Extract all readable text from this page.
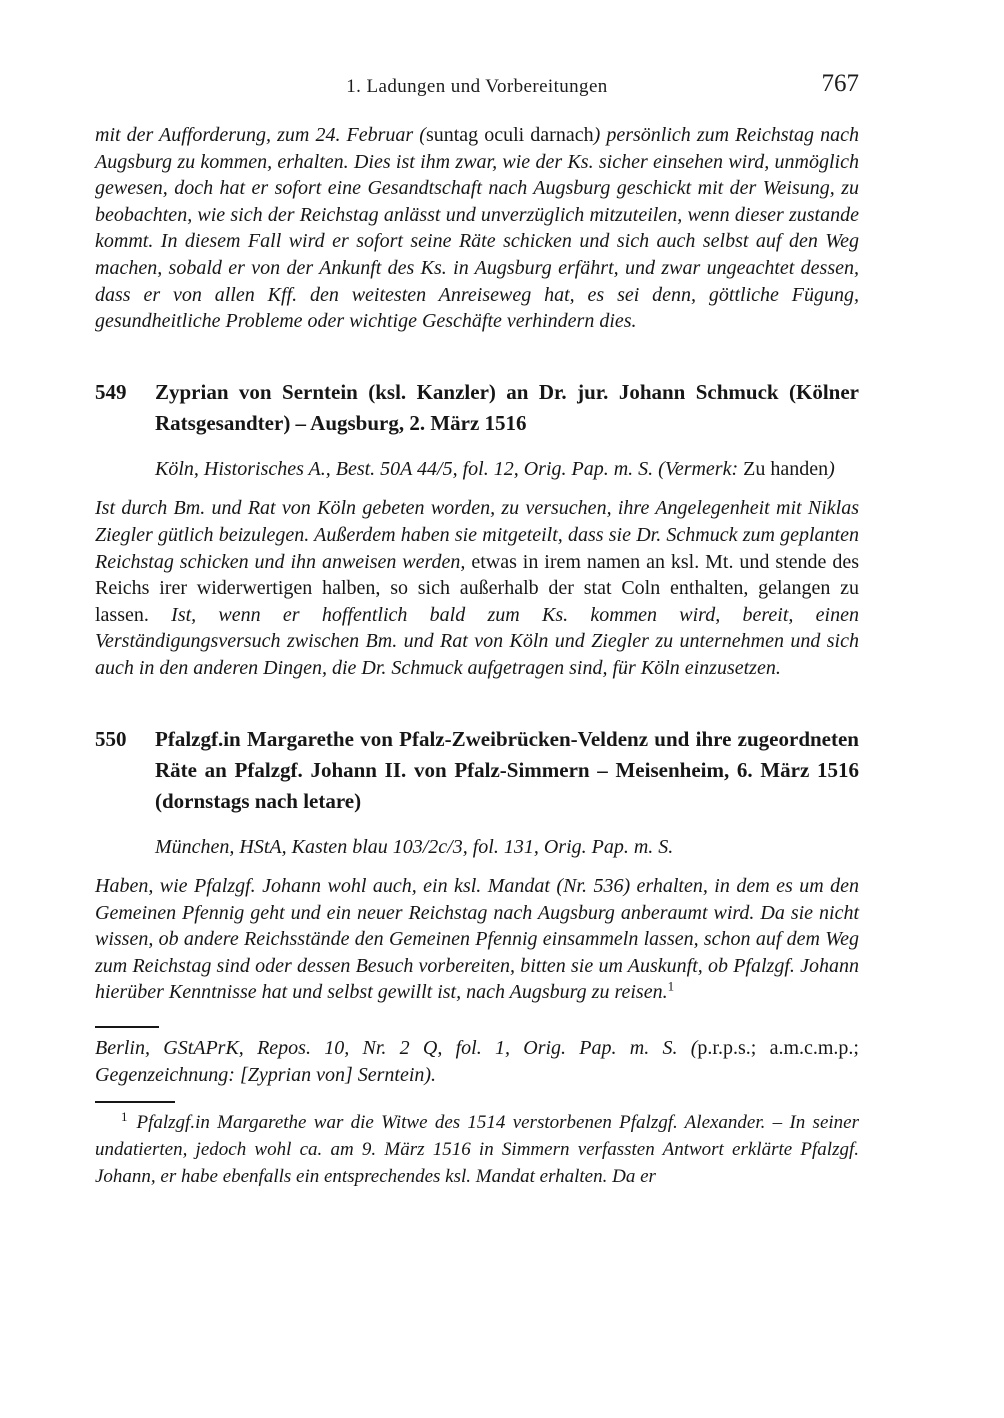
1. Ladungen und Vorbereitungen	767

mit der Aufforderung, zum 24. Februar (suntag oculi darnach) persönlich zum Reichstag nach Augsburg zu kommen, erhalten. Dies ist ihm zwar, wie der Ks. sicher einsehen wird, unmöglich gewesen, doch hat er sofort eine Gesandtschaft nach Augsburg geschickt mit der Weisung, zu beobachten, wie sich der Reichstag anlässt und unverzüglich mitzuteilen, wenn dieser zustande kommt. In diesem Fall wird er sofort seine Räte schicken und sich auch selbst auf den Weg machen, sobald er von der Ankunft des Ks. in Augsburg erfährt, und zwar ungeachtet dessen, dass er von allen Kff. den weitesten Anreiseweg hat, es sei denn, göttliche Fügung, gesundheitliche Probleme oder wichtige Geschäfte verhindern dies.

549	Zyprian von Serntein (ksl. Kanzler) an Dr. jur. Johann Schmuck (Kölner Ratsgesandter) – Augsburg, 2. März 1516

Köln, Historisches A., Best. 50A 44/5, fol. 12, Orig. Pap. m. S. (Vermerk: Zu handen)

Ist durch Bm. und Rat von Köln gebeten worden, zu versuchen, ihre Angelegenheit mit Niklas Ziegler gütlich beizulegen. Außerdem haben sie mitgeteilt, dass sie Dr. Schmuck zum geplanten Reichstag schicken und ihn anweisen werden, etwas in irem namen an ksl. Mt. und stende des Reichs irer widerwertigen halben, so sich außerhalb der stat Coln enthalten, gelangen zu lassen. Ist, wenn er hoffentlich bald zum Ks. kommen wird, bereit, einen Verständigungsversuch zwischen Bm. und Rat von Köln und Ziegler zu unternehmen und sich auch in den anderen Dingen, die Dr. Schmuck aufgetragen sind, für Köln einzusetzen.

550	Pfalzgf.in Margarethe von Pfalz-Zweibrücken-Veldenz und ihre zugeordneten Räte an Pfalzgf. Johann II. von Pfalz-Simmern – Meisenheim, 6. März 1516 (dornstags nach letare)

München, HStA, Kasten blau 103/2c/3, fol. 131, Orig. Pap. m. S.

Haben, wie Pfalzgf. Johann wohl auch, ein ksl. Mandat (Nr. 536) erhalten, in dem es um den Gemeinen Pfennig geht und ein neuer Reichstag nach Augsburg anberaumt wird. Da sie nicht wissen, ob andere Reichsstände den Gemeinen Pfennig einsammeln lassen, schon auf dem Weg zum Reichstag sind oder dessen Besuch vorbereiten, bitten sie um Auskunft, ob Pfalzgf. Johann hierüber Kenntnisse hat und selbst gewillt ist, nach Augsburg zu reisen.$^1$

Berlin, GStAPrK, Repos. 10, Nr. 2 Q, fol. 1, Orig. Pap. m. S. (p.r.p.s.; a.m.c.m.p.; Gegenzeichnung: [Zyprian von] Serntein).

$^1$ Pfalzgf.in Margarethe war die Witwe des 1514 verstorbenen Pfalzgf. Alexander. – In seiner undatierten, jedoch wohl ca. am 9. März 1516 in Simmern verfassten Antwort erklärte Pfalzgf. Johann, er habe ebenfalls ein entsprechendes ksl. Mandat erhalten. Da er
